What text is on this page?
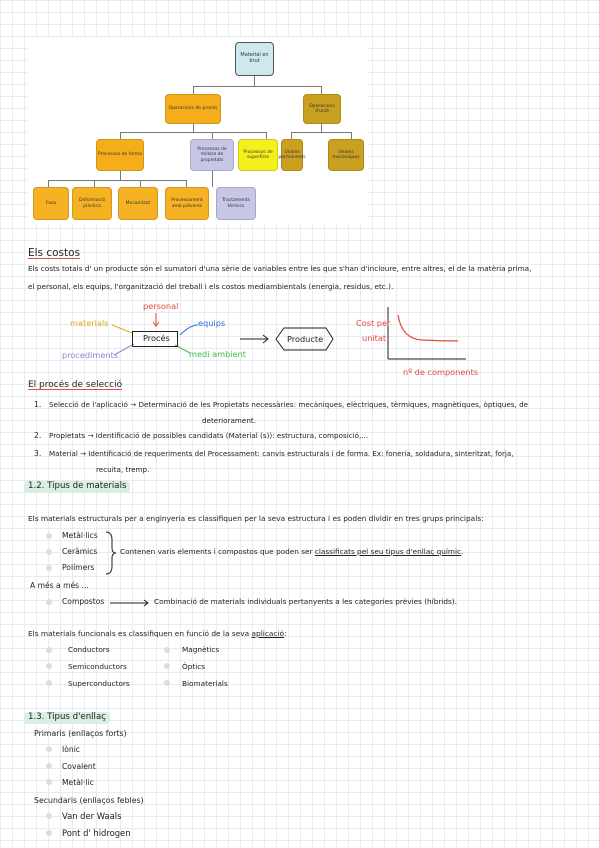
Material en brut
Operacions de procés
Operacions d'unió
Processos de forma
Processos de millora de propietats
Processos de superfície
Unions permanents
Unions mecàniques
Fosa
Deformació plàstica
Mecanitzat
Processament amb pólvores
Tractaments tèrmics
Els costos
Els costs totals d' un producte són el sumatori d'una sèrie de variables entre les que s'han d'incloure, entre altres, el de la matèria prima,
el personal, els equips, l'organització del treball i els costos mediambientals (energia, residus, etc.).
personal
materials	equips
Procés
procediments	medi ambient
Producte
Cost per
unitat
nº de components
El procés de selecció
1. Selecció de l'aplicació → Determinació de les Propietats necessàries: mecàniques, elèctriques, tèrmiques, magnètiques, òptiques, de
deteriorament.
2. Propietats → Identificació de possibles candidats (Material (s)): estructura, composició,...
3. Material → Identificació de requeriments del Processament: canvis estructurals i de forma. Ex: foneria, soldadura, sinteritzat, forja,
recuita, tremp.
1.2. Tipus de materials
Els materials estructurals per a enginyeria es classifiquen per la seva estructura i es poden dividir en tres grups principals:
Metàl·lics
Ceràmics
Polímers
Contenen varis elements i compostos que poden ser classificats pel seu tipus d'enllaç químic.
A més a més ...
Compostos	Combinació de materials individuals pertanyents a les categories prèvies (híbrids).
Els materials funcionals es classifiquen en funció de la seva aplicació:
Conductors
Semiconductors
Superconductors
Magnètics
Òptics
Biomaterials
1.3. Tipus d'enllaç
Primaris (enllaços forts)
Iònic
Covalent
Metàl·lic
Secundaris (enllaços febles)
Van der Waals
Pont d' hidrogen
